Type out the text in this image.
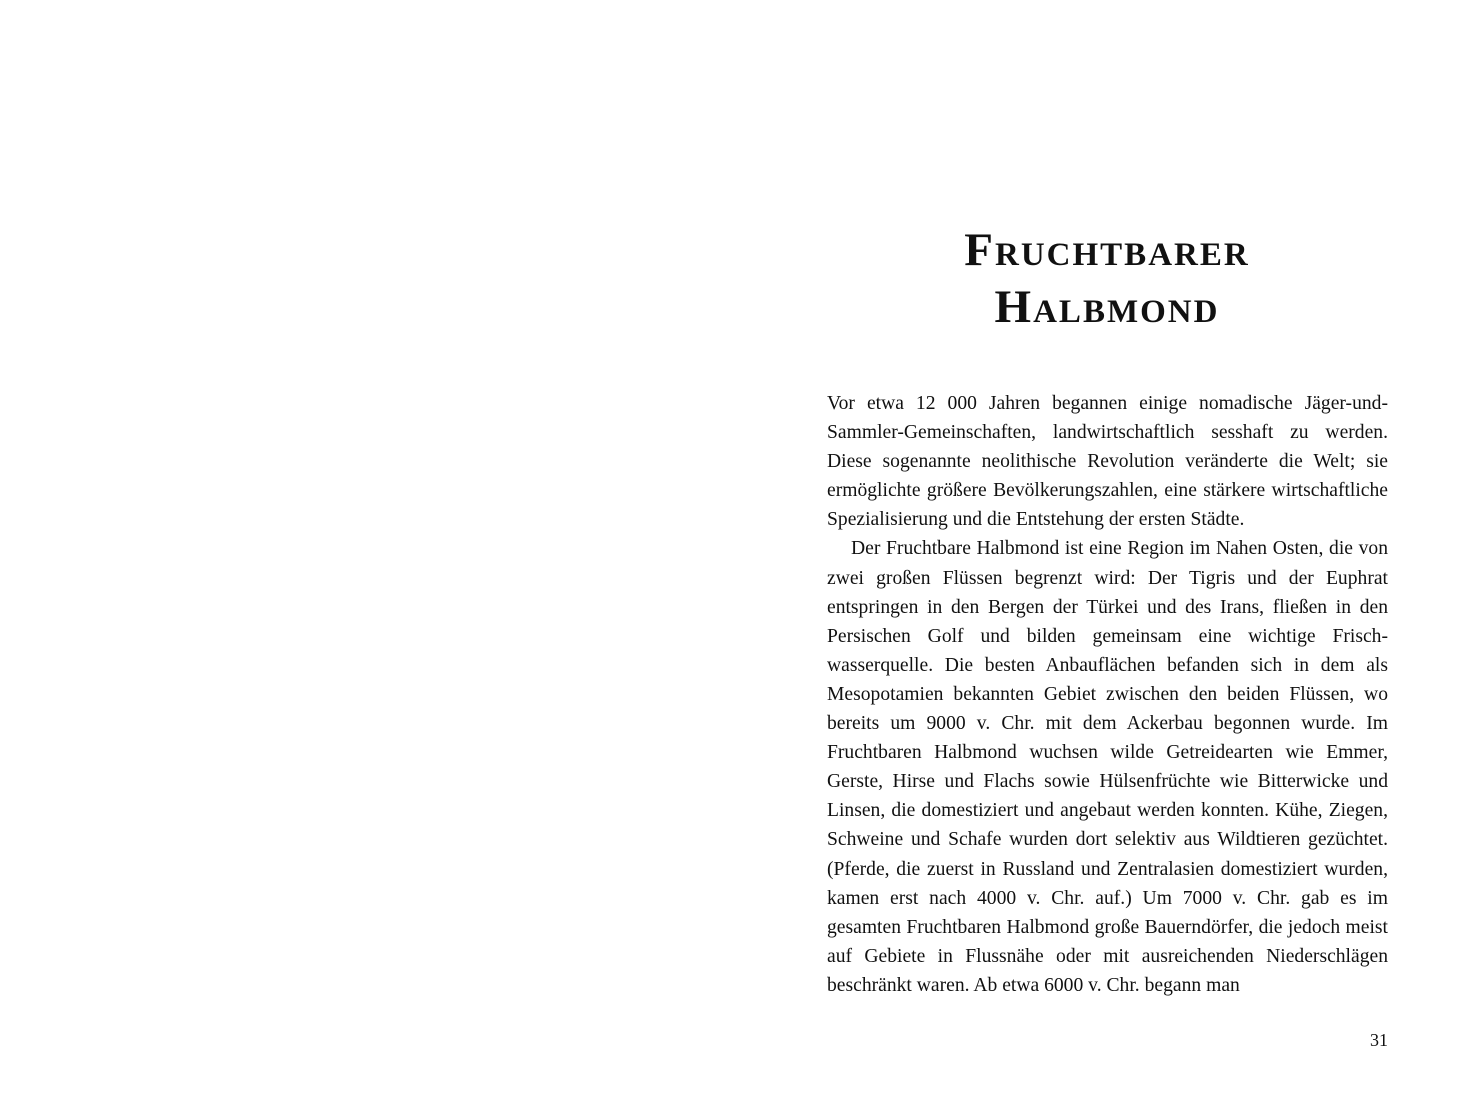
Fruchtbarer
Halbmond

Vor etwa 12 000 Jahren begannen einige nomadische Jäger-und-Sammler-Gemeinschaften, landwirtschaftlich sesshaft zu werden. Diese sogenannte neolithische Revolution veränderte die Welt; sie ermöglichte größere Bevölkerungszahlen, eine stärkere wirtschaftliche Spezialisierung und die Entstehung der ersten Städte.

Der Fruchtbare Halbmond ist eine Region im Nahen Osten, die von zwei großen Flüssen begrenzt wird: Der Tigris und der Euphrat entspringen in den Bergen der Türkei und des Irans, fließen in den Persischen Golf und bilden gemeinsam eine wichtige Frischwasserquelle. Die besten Anbauflächen befanden sich in dem als Mesopotamien bekannten Gebiet zwischen den beiden Flüssen, wo bereits um 9000 v. Chr. mit dem Ackerbau begonnen wurde. Im Fruchtbaren Halbmond wuchsen wilde Getreidearten wie Emmer, Gerste, Hirse und Flachs sowie Hülsenfrüchte wie Bitterwicke und Linsen, die domestiziert und angebaut werden konnten. Kühe, Ziegen, Schweine und Schafe wurden dort selektiv aus Wildtieren gezüchtet. (Pferde, die zuerst in Russland und Zentralasien domestiziert wurden, kamen erst nach 4000 v. Chr. auf.) Um 7000 v. Chr. gab es im gesamten Fruchtbaren Halbmond große Bauerndörfer, die jedoch meist auf Gebiete in Flussnähe oder mit ausreichenden Niederschlägen beschränkt waren. Ab etwa 6000 v. Chr. begann man

31
